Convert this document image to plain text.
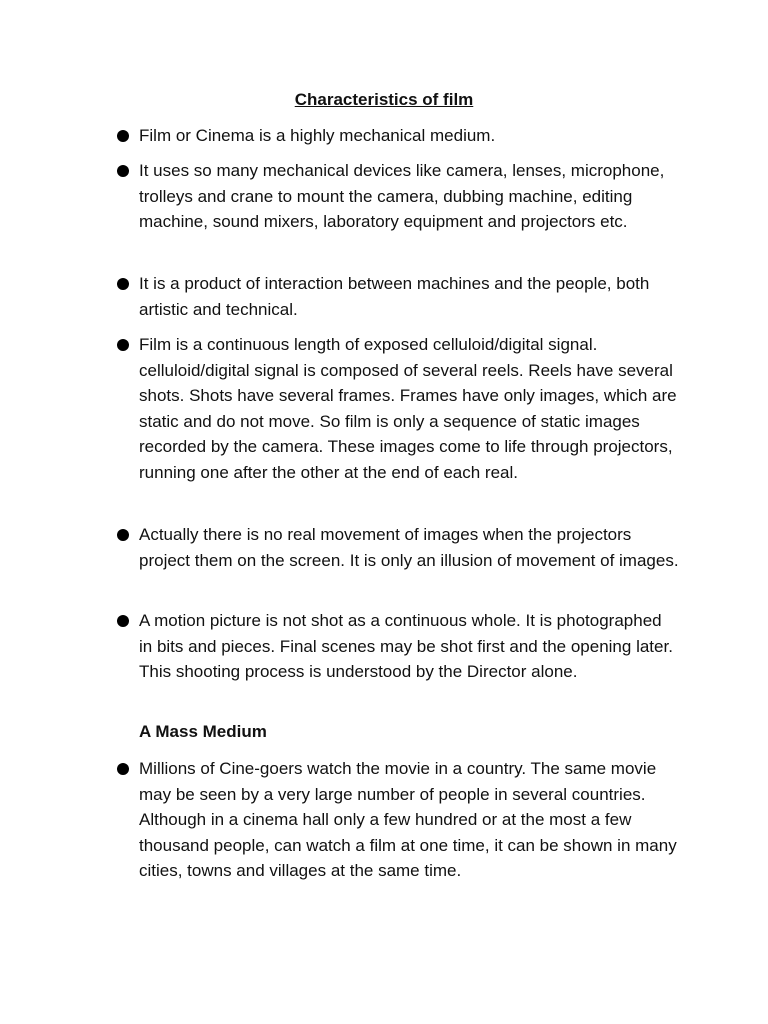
Characteristics of film
Film or Cinema is a highly mechanical medium.
It uses so many mechanical devices like camera, lenses, microphone, trolleys and crane to mount the camera, dubbing machine, editing machine, sound mixers, laboratory equipment and projectors etc.
It is a product of interaction between machines and the people, both artistic and technical.
Film is a continuous length of exposed celluloid/digital signal. celluloid/digital signal is composed of several reels. Reels have several shots. Shots have several frames. Frames have only images, which are static and do not move. So film is only a sequence of static images recorded by the camera. These images come to life through projectors, running one after the other at the end of each real.
Actually there is no real movement of images when the projectors project them on the screen. It is only an illusion of movement of images.
A motion picture is not shot as a continuous whole. It is photographed in bits and pieces. Final scenes may be shot first and the opening later. This shooting process is understood by the Director alone.
A Mass Medium
Millions of Cine-goers watch the movie in a country. The same movie may be seen by a very large number of people in several countries. Although in a cinema hall only a few hundred or at the most a few thousand people, can watch a film at one time, it can be shown in many cities, towns and villages at the same time.
